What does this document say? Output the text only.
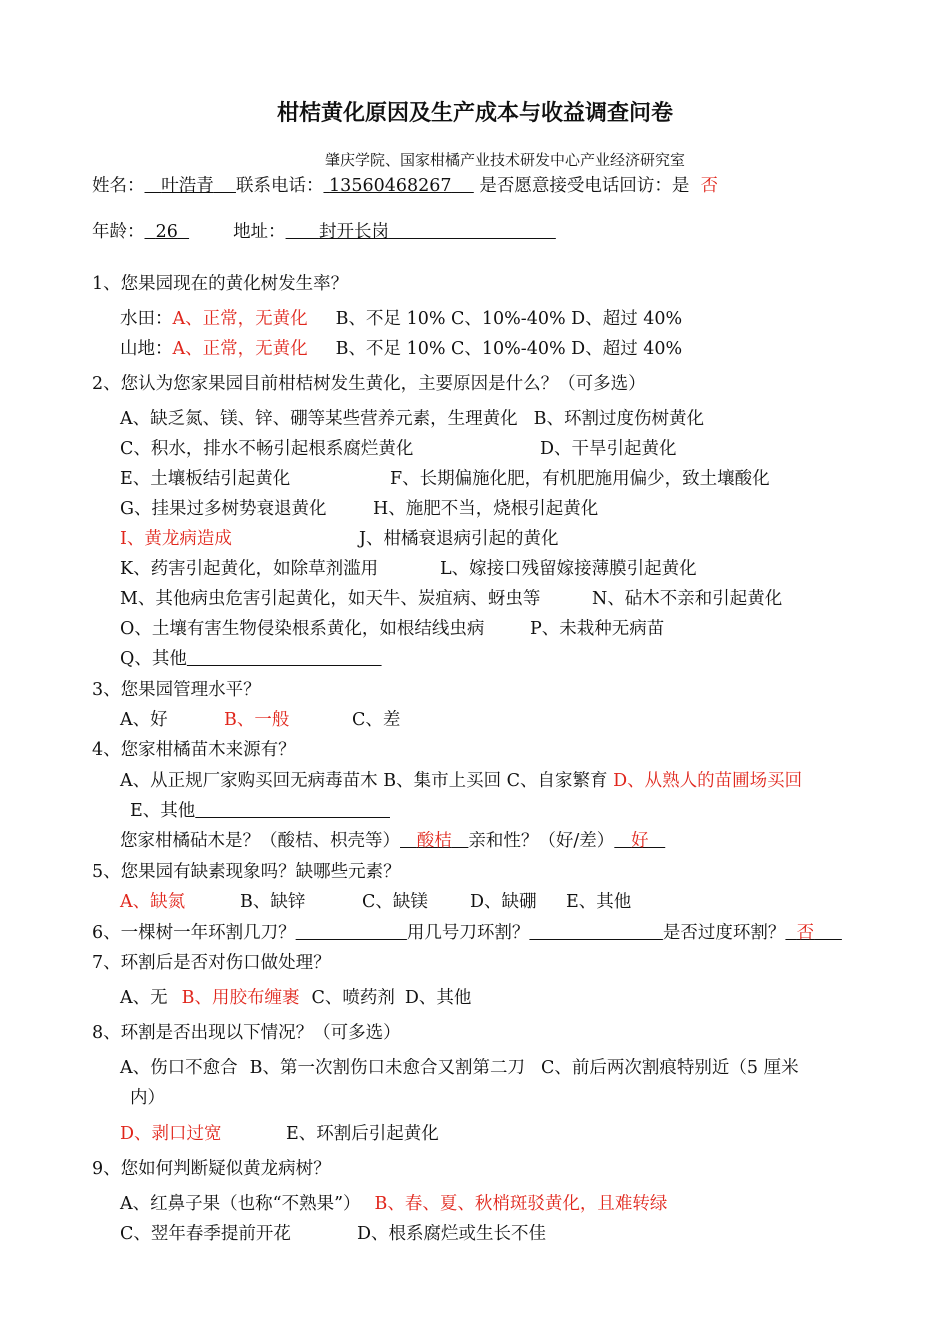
柑桔黄化原因及生产成本与收益调查问卷
肇庆学院、国家柑橘产业技术研发中心产业经济研究室
姓名： 叶浩青 联系电话： 13560468267 是否愿意接受电话回访：是 否
年龄： 26	地址： 封开长岗
1、您果园现在的黄化树发生率？
水田：A、正常，无黄化 B、不足 10% C、10%-40% D、超过 40%
山地：A、正常，无黄化 B、不足 10% C、10%-40% D、超过 40%
2、您认为您家果园目前柑桔树发生黄化，主要原因是什么？（可多选）
A、缺乏氮、镁、锌、硼等某些营养元素，生理黄化 B、环割过度伤树黄化
C、积水，排水不畅引起根系腐烂黄化	D、干旱引起黄化
E、土壤板结引起黄化	F、长期偏施化肥，有机肥施用偏少，致土壤酸化
G、挂果过多树势衰退黄化	H、施肥不当，烧根引起黄化
I、黄龙病造成	J、柑橘衰退病引起的黄化
K、药害引起黄化，如除草剂滥用	L、嫁接口残留嫁接薄膜引起黄化
M、其他病虫危害引起黄化，如天牛、炭疽病、蚜虫等	N、砧木不亲和引起黄化
O、土壤有害生物侵染根系黄化，如根结线虫病	P、未栽种无病苗
Q、其他
3、您果园管理水平？
A、好	B、一般	C、差
4、您家柑橘苗木来源有？
A、从正规厂家购买回无病毒苗木 B、集市上买回 C、自家繁育 D、从熟人的苗圃场买回
E、其他
您家柑橘砧木是？（酸桔、枳壳等） 酸桔 亲和性？（好/差） 好
5、您果园有缺素现象吗？缺哪些元素？
A、缺氮	B、缺锌	C、缺镁 D、缺硼 E、其他
6、一棵树一年环割几刀？	用几号刀环割？	是否过度环割？ 否
7、环割后是否对伤口做处理？
A、无 B、用胶布缠裹 C、喷药剂 D、其他
8、环割是否出现以下情况？（可多选）
A、伤口不愈合 B、第一次割伤口未愈合又割第二刀 C、前后两次割痕特别近（5 厘米
内）
D、剥口过宽	E、环割后引起黄化
9、您如何判断疑似黄龙病树？
A、红鼻子果（也称“不熟果”） B、春、夏、秋梢斑驳黄化，且难转绿
C、翌年春季提前开花	D、根系腐烂或生长不佳
